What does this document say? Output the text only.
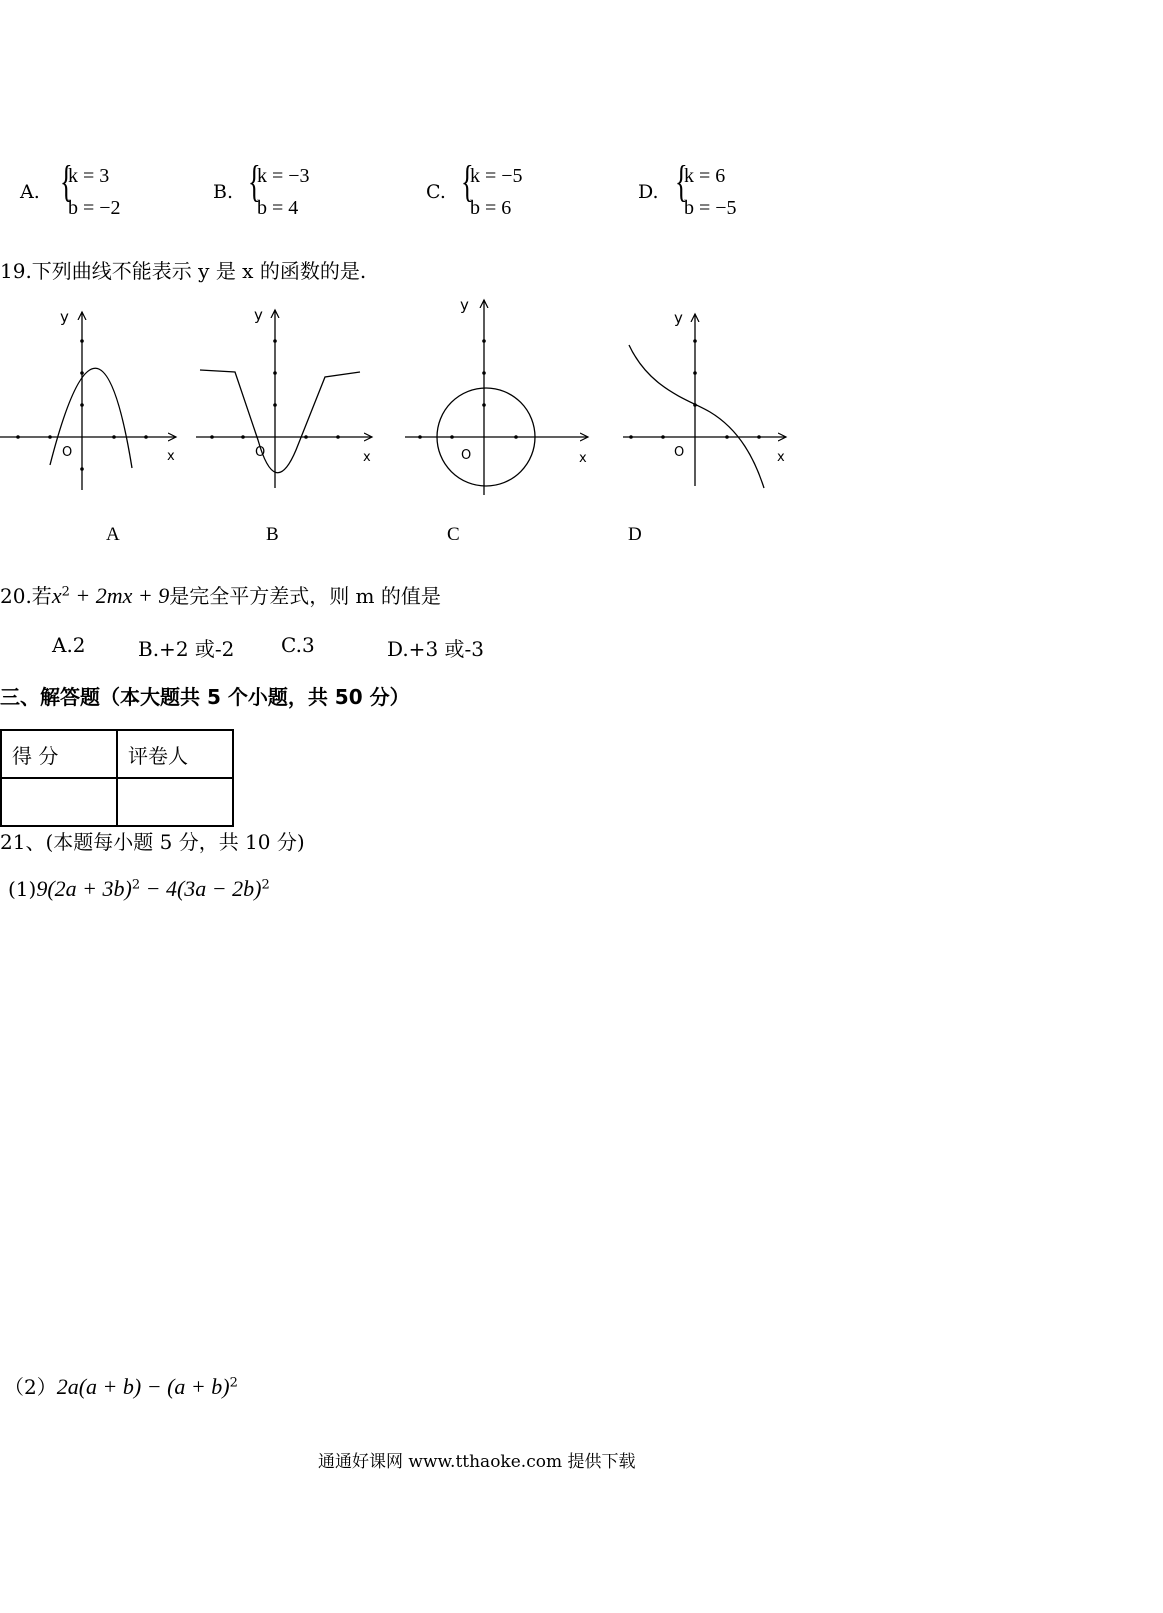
A. {
k = 3
b = −2
B. {
k = −3
b = 4
C. {
k = −5
b = 6
D. {
k = 6
b = −5
19.下列曲线不能表示 y 是 x 的函数的是.
y
x
O
y
x
O
y
x
O
y
x
O
A	B	C	D
20.若$x^2 + 2mx + 9$是完全平方差式，则 m 的值是
A.2	B.+2 或-2 C.3	D.+3 或-3
三、解答题（本大题共 5 个小题，共 50 分）
得 分	评卷人

21、(本题每小题 5 分，共 10 分)
$(1)9(2a + 3b)^2 - 4(3a - 2b)^2$
$(2)2a(a + b) - (a + b)^2$
通通好课网 www.tthaoke.com 提供下载
